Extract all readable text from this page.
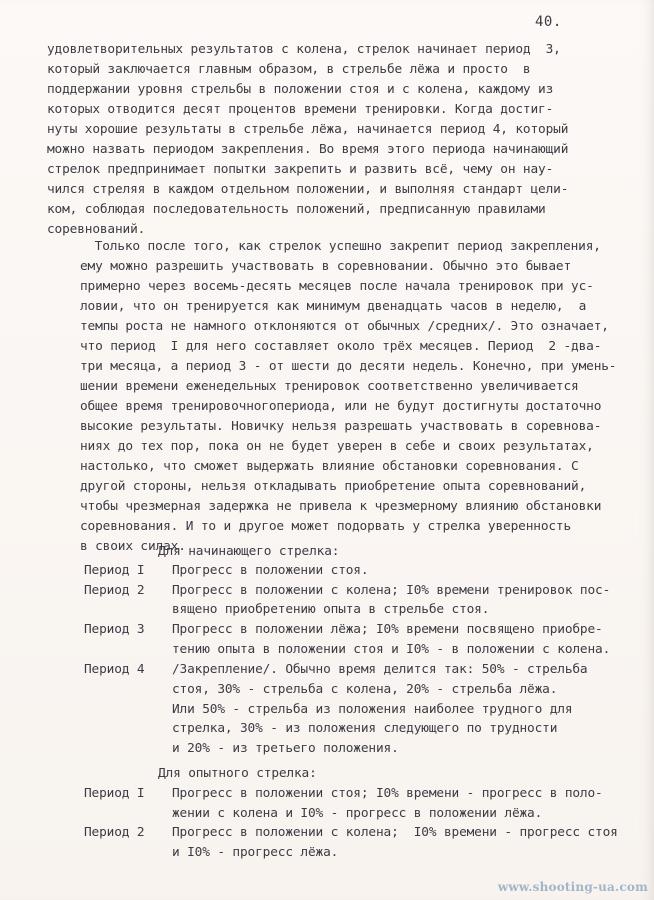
40.
удовлетворительных результатов с колена, стрелок начинает период  3,
который заключается главным образом, в стрельбе лёжа и просто  в
поддержании уровня стрельбы в положении стоя и с колена, каждому из
которых отводится десят процентов времени тренировки. Когда достиг-
нуты хорошие результаты в стрельбе лёжа, начинается период 4, который
можно назвать периодом закрепления. Во время этого периода начинающий
стрелок предпринимает попытки закрепить и развить всё, чему он нау-
чился стреляя в каждом отдельном положении, и выполняя стандарт цели-
ком, соблюдая последовательность положений, предписанную правилами
соревнований.
Только после того, как стрелок успешно закрепит период закрепления,
ему можно разрешить участвовать в соревновании. Обычно это бывает
примерно через восемь-десять месяцев после начала тренировок при ус-
ловии, что он тренируется как минимум двенадцать часов в неделю,  а
темпы роста не намного отклоняются от обычных /средних/. Это означает,
что период  I для него составляет около трёх месяцев. Период  2 -два-
три месяца, а период 3 - от шести до десяти недель. Конечно, при умень-
шении времени еженедельных тренировок соответственно увеличивается
общее время тренировочногопериода, или не будут достигнуты достаточно
высокие результаты. Новичку нельзя разрешать участвовать в соревнова-
ниях до тех пор, пока он не будет уверен в себе и своих результатах,
настолько, что сможет выдержать влияние обстановки соревнования. С
другой стороны, нельзя откладывать приобретение опыта соревнований,
чтобы чрезмерная задержка не привела к чрезмерному влиянию обстановки
соревнования. И то и другое может подорвать у стрелка уверенность
в своих силах.
Для начинающего стрелка:
Период I Прогресс в положении стоя.
Период 2 Прогресс в положении с колена; I0% времени тренировок пос-
вящено приобретению опыта в стрельбе стоя.
Период 3 Прогресс в положении лёжа; I0% времени посвящено приобре-
тению опыта в положении стоя и I0% - в положении с колена.
Период 4 /Закрепление/. Обычно время делится так: 50% - стрельба
стоя, 30% - стрельба с колена, 20% - стрельба лёжа.
Или 50% - стрельба из положения наиболее трудного для
стрелка, 30% - из положения следующего по трудности
и 20% - из третьего положения.
Для опытного стрелка:
Период I Прогресс в положении стоя; I0% времени - прогресс в поло-
жении с колена и I0% - прогресс в положении лёжа.
Период 2 Прогресс в положении с колена;  I0% времени - прогресс стоя
и I0% - прогресс лёжа.
www.shooting-ua.com
